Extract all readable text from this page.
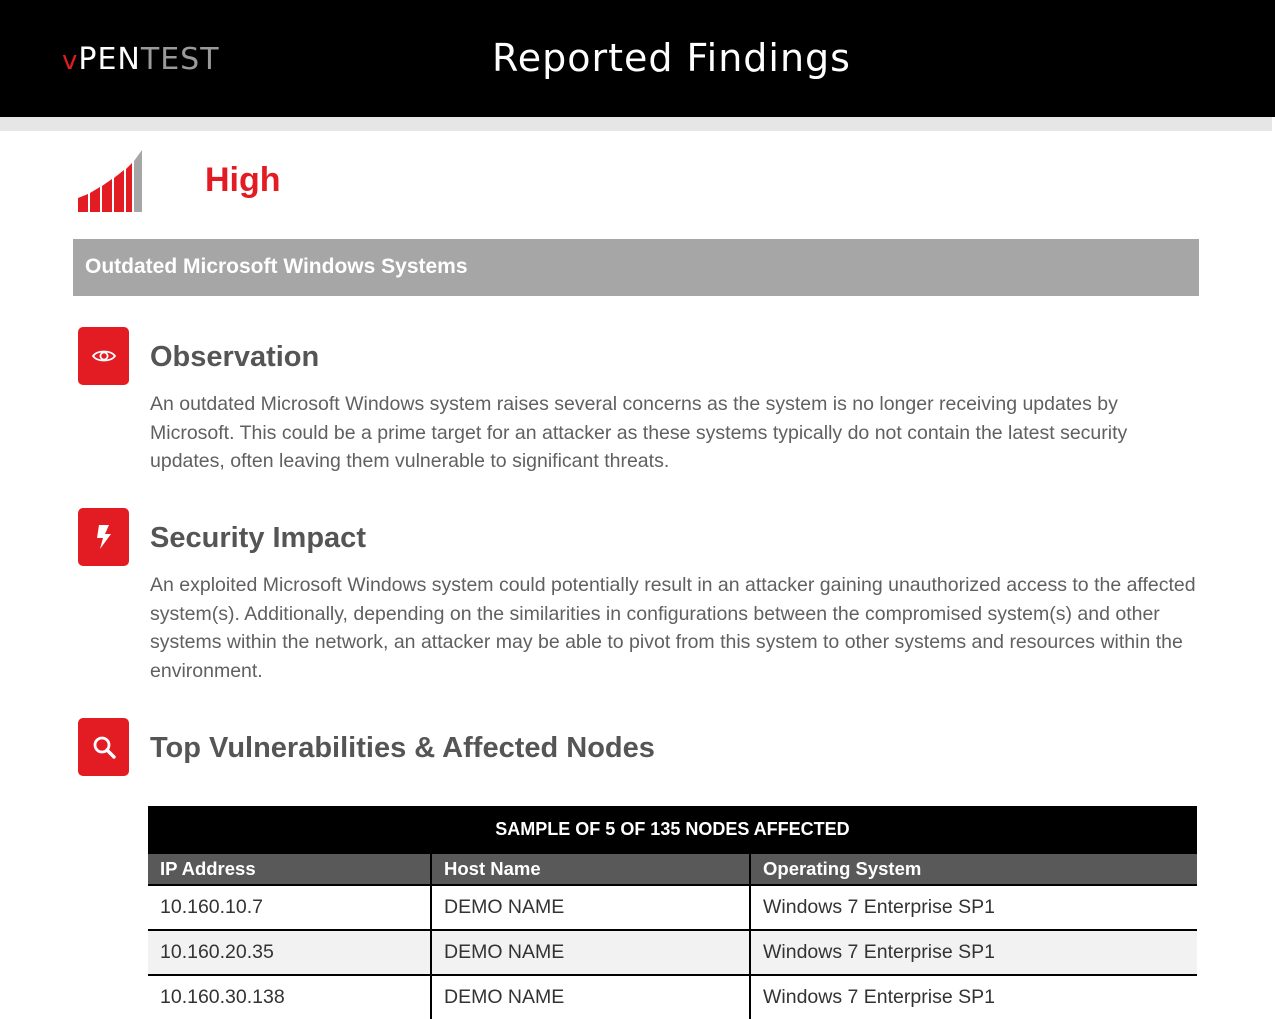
vPENTEST	Reported Findings
High
Outdated Microsoft Windows Systems
Observation
An outdated Microsoft Windows system raises several concerns as the system is no longer receiving updates by Microsoft. This could be a prime target for an attacker as these systems typically do not contain the latest security updates, often leaving them vulnerable to significant threats.
Security Impact
An exploited Microsoft Windows system could potentially result in an attacker gaining unauthorized access to the affected system(s). Additionally, depending on the similarities in configurations between the compromised system(s) and other systems within the network, an attacker may be able to pivot from this system to other systems and resources within the environment.
Top Vulnerabilities & Affected Nodes
SAMPLE OF 5 OF 135 NODES AFFECTED
IP Address	Host Name	Operating System
10.160.10.7	DEMO NAME	Windows 7 Enterprise SP1
10.160.20.35	DEMO NAME	Windows 7 Enterprise SP1
10.160.30.138	DEMO NAME	Windows 7 Enterprise SP1
